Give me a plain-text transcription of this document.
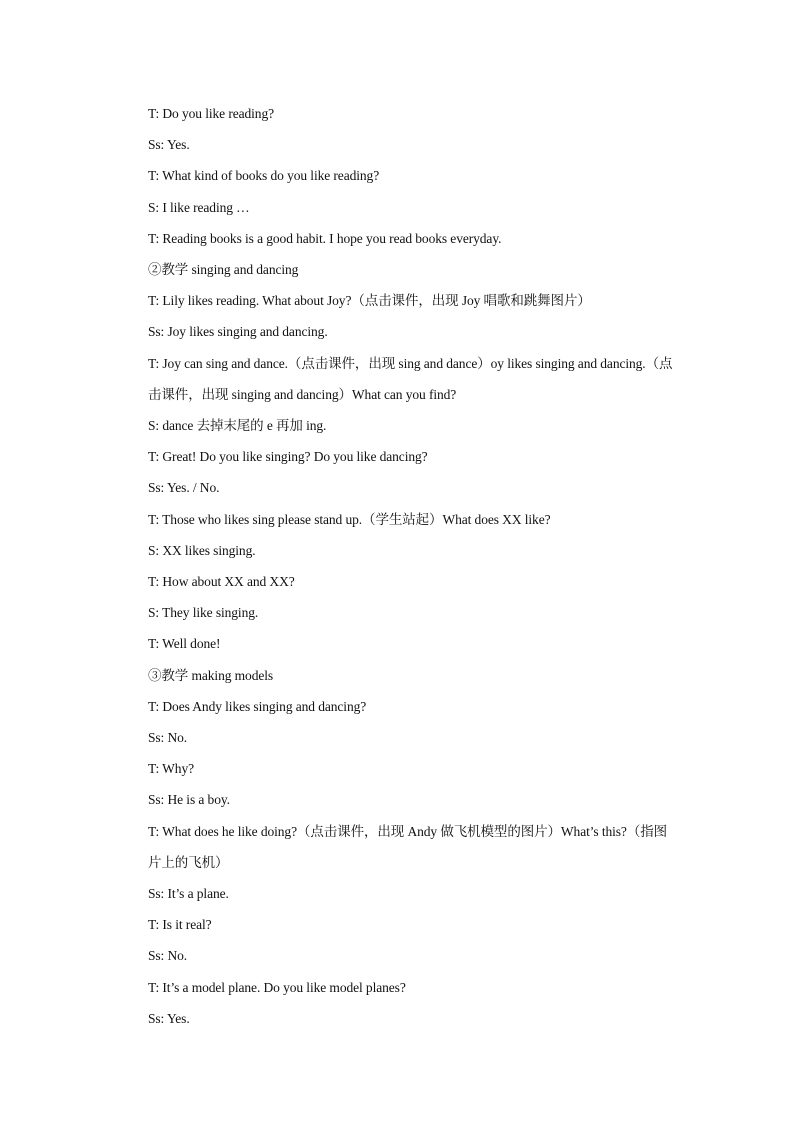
T: Do you like reading?

Ss: Yes.

T: What kind of books do you like reading?

S: I like reading …

T: Reading books is a good habit. I hope you read books everyday.

②教学 singing and dancing

T: Lily likes reading. What about Joy?（点击课件，出现 Joy 唱歌和跳舞图片）

Ss: Joy likes singing and dancing.

T: Joy can sing and dance.（点击课件，出现 sing and dance）oy likes singing and dancing.（点击课件，出现 singing and dancing）What can you find?

S: dance 去掉末尾的 e 再加 ing.

T: Great! Do you like singing? Do you like dancing?

Ss: Yes. / No.

T: Those who likes sing please stand up.（学生站起）What does XX like?

S: XX likes singing.

T: How about XX and XX?

S: They like singing.

T: Well done!

③教学 making models

T: Does Andy likes singing and dancing?

Ss: No.

T: Why?

Ss: He is a boy.

T: What does he like doing?（点击课件，出现 Andy 做飞机模型的图片）What’s this?（指图片上的飞机）

Ss: It’s a plane.

T: Is it real?

Ss: No.

T: It’s a model plane. Do you like model planes?

Ss: Yes.
